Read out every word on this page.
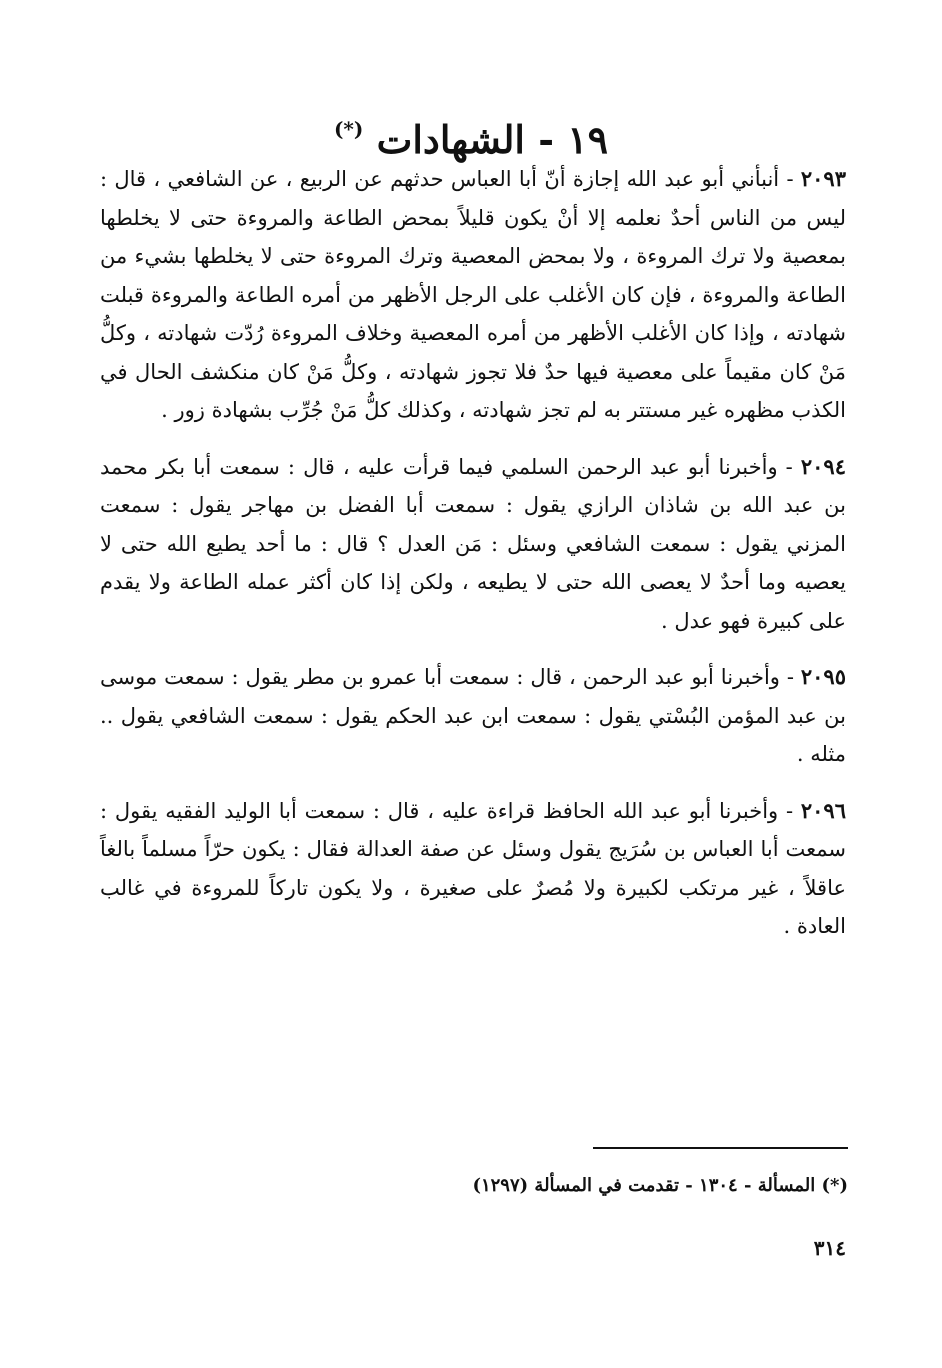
١٩ - الشهادات (*)

٢٠٩٣ - أنبأني أبو عبد الله إجازة أنّ أبا العباس حدثهم عن الربيع ، عن الشافعي ، قال : ليس من الناس أحدٌ نعلمه إلا أنْ يكون قليلاً بمحض الطاعة والمروءة حتى لا يخلطها بمعصية ولا ترك المروءة ، ولا بمحض المعصية وترك المروءة حتى لا يخلطها بشيء من الطاعة والمروءة ، فإن كان الأغلب على الرجل الأظهر من أمره الطاعة والمروءة قبلت شهادته ، وإذا كان الأغلب الأظهر من أمره المعصية وخلاف المروءة رُدّت شهادته ، وكلُّ مَنْ كان مقيماً على معصية فيها حدٌ فلا تجوز شهادته ، وكلُّ مَنْ كان منكشف الحال في الكذب مظهره غير مستتر به لم تجز شهادته ، وكذلك كلُّ مَنْ جُرِّب بشهادة زور .

٢٠٩٤ - وأخبرنا أبو عبد الرحمن السلمي فيما قرأت عليه ، قال : سمعت أبا بكر محمد بن عبد الله بن شاذان الرازي يقول : سمعت أبا الفضل بن مهاجر يقول : سمعت المزني يقول : سمعت الشافعي وسئل : مَن العدل ؟ قال : ما أحد يطيع الله حتى لا يعصيه وما أحدٌ لا يعصى الله حتى لا يطيعه ، ولكن إذا كان أكثر عمله الطاعة ولا يقدم على كبيرة فهو عدل .

٢٠٩٥ - وأخبرنا أبو عبد الرحمن ، قال : سمعت أبا عمرو بن مطر يقول : سمعت موسى بن عبد المؤمن البُسْتي يقول : سمعت ابن عبد الحكم يقول : سمعت الشافعي يقول .. مثله .

٢٠٩٦ - وأخبرنا أبو عبد الله الحافظ قراءة عليه ، قال : سمعت أبا الوليد الفقيه يقول : سمعت أبا العباس بن سُرَيج يقول وسئل عن صفة العدالة فقال : يكون حرّاً مسلماً بالغاً عاقلاً ، غير مرتكب لكبيرة ولا مُصرٌ على صغيرة ، ولا يكون تاركاً للمروءة في غالب العادة .

(*) المسألة - ١٣٠٤ - تقدمت في المسألة (١٢٩٧)
٣١٤
